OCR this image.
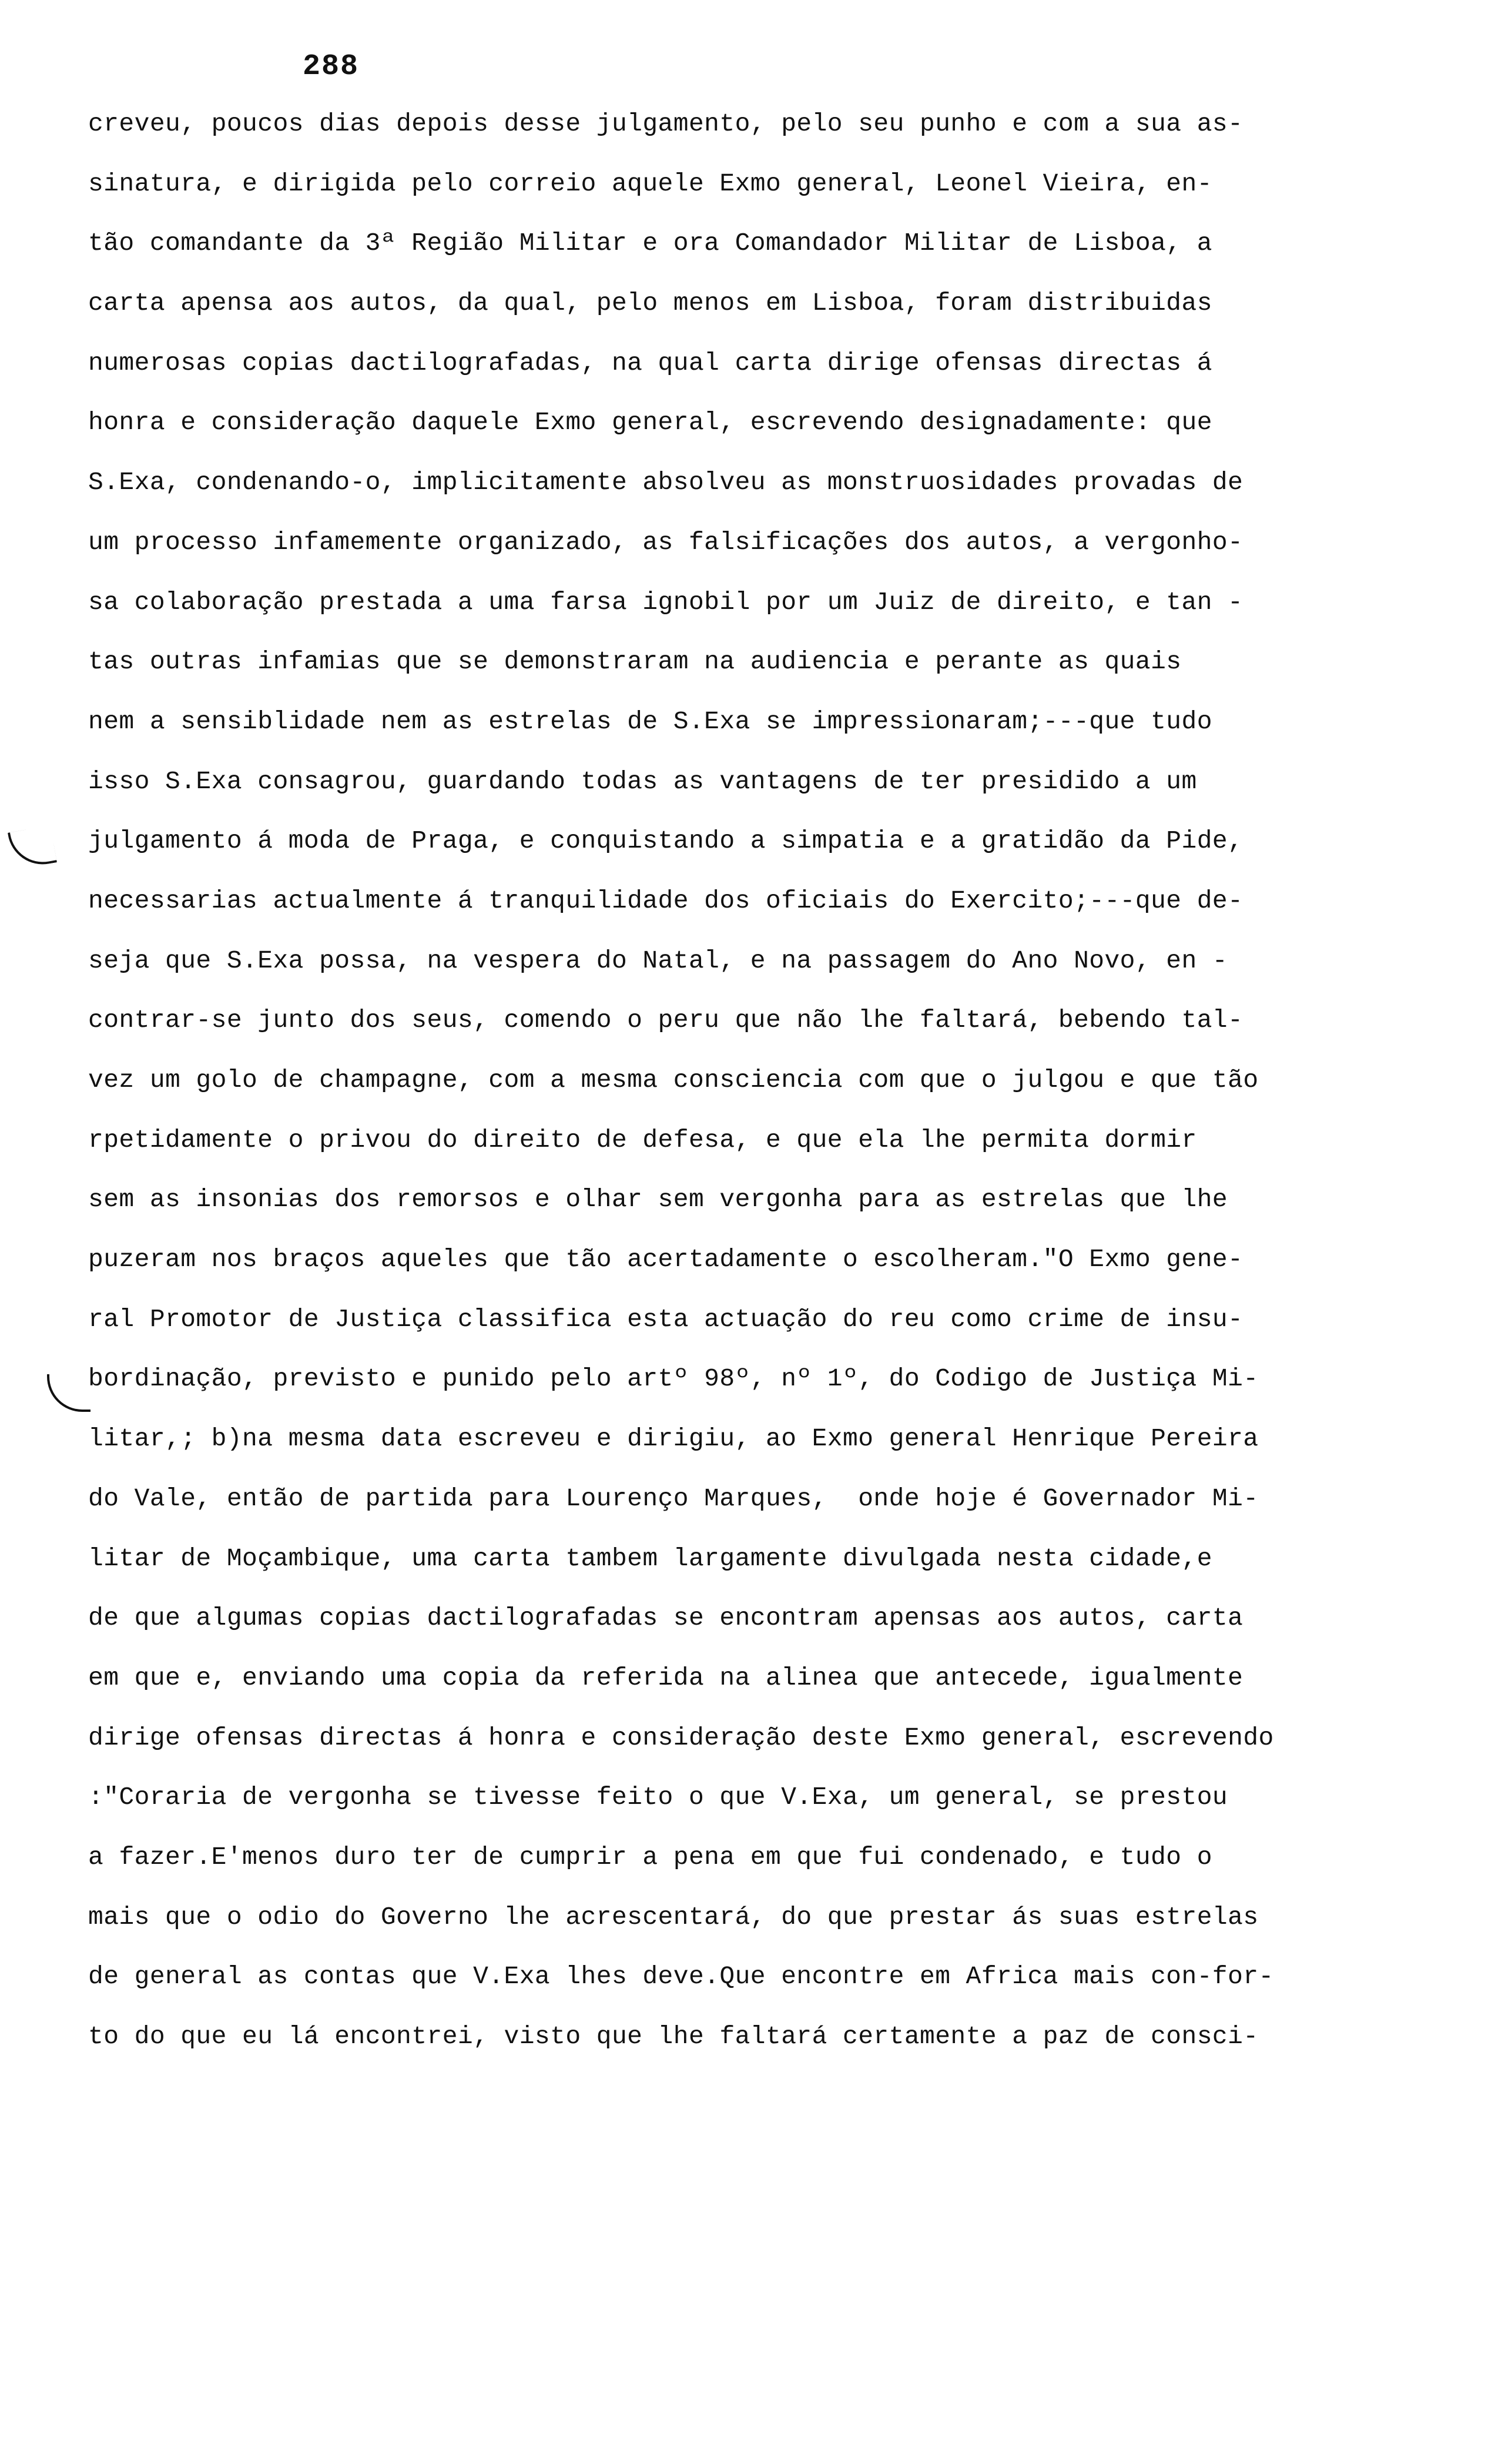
288
creveu, poucos dias depois desse julgamento, pelo seu punho e com a sua as-
sinatura, e dirigida pelo correio aquele Exmo general, Leonel Vieira, en-
tão comandante da 3ª Região Militar e ora Comandador Militar de Lisboa, a
carta apensa aos autos, da qual, pelo menos em Lisboa, foram distribuidas
numerosas copias dactilografadas, na qual carta dirige ofensas directas á
honra e consideração daquele Exmo general, escrevendo designadamente: que
S.Exa, condenando-o, implicitamente absolveu as monstruosidades provadas de
um processo infamemente organizado, as falsificações dos autos, a vergonho-
sa colaboração prestada a uma farsa ignobil por um Juiz de direito, e tan -
tas outras infamias que se demonstraram na audiencia e perante as quais
nem a sensiblidade nem as estrelas de S.Exa se impressionaram;---que tudo
isso S.Exa consagrou, guardando todas as vantagens de ter presidido a um
julgamento á moda de Praga, e conquistando a simpatia e a gratidão da Pide,
necessarias actualmente á tranquilidade dos oficiais do Exercito;---que de-
seja que S.Exa possa, na vespera do Natal, e na passagem do Ano Novo, en -
contrar-se junto dos seus, comendo o peru que não lhe faltará, bebendo tal-
vez um golo de champagne, com a mesma consciencia com que o julgou e que tão
rpetidamente o privou do direito de defesa, e que ela lhe permita dormir
sem as insonias dos remorsos e olhar sem vergonha para as estrelas que lhe
puzeram nos braços aqueles que tão acertadamente o escolheram."O Exmo gene-
ral Promotor de Justiça classifica esta actuação do reu como crime de insu-
bordinação, previsto e punido pelo artº 98º, nº 1º, do Codigo de Justiça Mi-
litar,; b)na mesma data escreveu e dirigiu, ao Exmo general Henrique Pereira
do Vale, então de partida para Lourenço Marques,  onde hoje é Governador Mi-
litar de Moçambique, uma carta tambem largamente divulgada nesta cidade,e
de que algumas copias dactilografadas se encontram apensas aos autos, carta
em que e, enviando uma copia da referida na alinea que antecede, igualmente
dirige ofensas directas á honra e consideração deste Exmo general, escrevendo
:"Coraria de vergonha se tivesse feito o que V.Exa, um general, se prestou
a fazer.E'menos duro ter de cumprir a pena em que fui condenado, e tudo o
mais que o odio do Governo lhe acrescentará, do que prestar ás suas estrelas
de general as contas que V.Exa lhes deve.Que encontre em Africa mais con-for-
to do que eu lá encontrei, visto que lhe faltará certamente a paz de consci-
